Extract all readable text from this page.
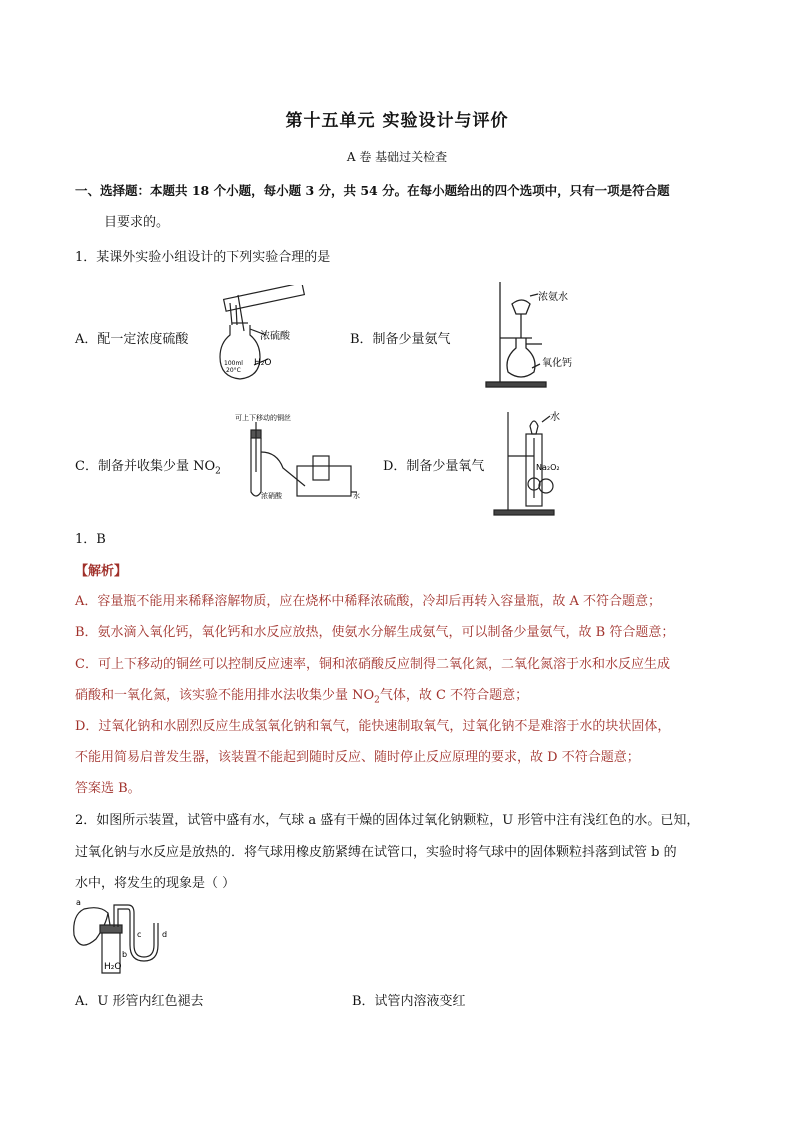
第十五单元 实验设计与评价
A 卷 基础过关检查
一、选择题：本题共 18 个小题，每小题 3 分，共 54 分。在每小题给出的四个选项中，只有一项是符合题
目要求的。
1．某课外实验小组设计的下列实验合理的是
A．配一定浓度硫酸	浓硫酸
H₂O
100ml
20°C
B．制备少量氨气
浓氨水
氧化钙
C．制备并收集少量 $NO_2$
可上下移动的铜丝
浓硝酸	水
D．制备少量氧气
水
Na₂O₂
1．B
【解析】
A．容量瓶不能用来稀释溶解物质，应在烧杯中稀释浓硫酸，冷却后再转入容量瓶，故 A 不符合题意；
B．氨水滴入氧化钙，氧化钙和水反应放热，使氨水分解生成氨气，可以制备少量氨气，故 B 符合题意；
C．可上下移动的铜丝可以控制反应速率，铜和浓硝酸反应制得二氧化氮，二氧化氮溶于水和水反应生成
硝酸和一氧化氮，该实验不能用排水法收集少量 $NO_2$气体，故 C 不符合题意；
D．过氧化钠和水剧烈反应生成氢氧化钠和氧气，能快速制取氧气，过氧化钠不是难溶于水的块状固体，
不能用简易启普发生器，该装置不能起到随时反应、随时停止反应原理的要求，故 D 不符合题意；
答案选 B。
2．如图所示装置，试管中盛有水，气球 a 盛有干燥的固体过氧化钠颗粒，U 形管中注有浅红色的水。已知，
过氧化钠与水反应是放热的．将气球用橡皮筋紧缚在试管口，实验时将气球中的固体颗粒抖落到试管 b 的
水中，将发生的现象是（ ）
a
b
c	d
H₂O
A．U 形管内红色褪去	B．试管内溶液变红
